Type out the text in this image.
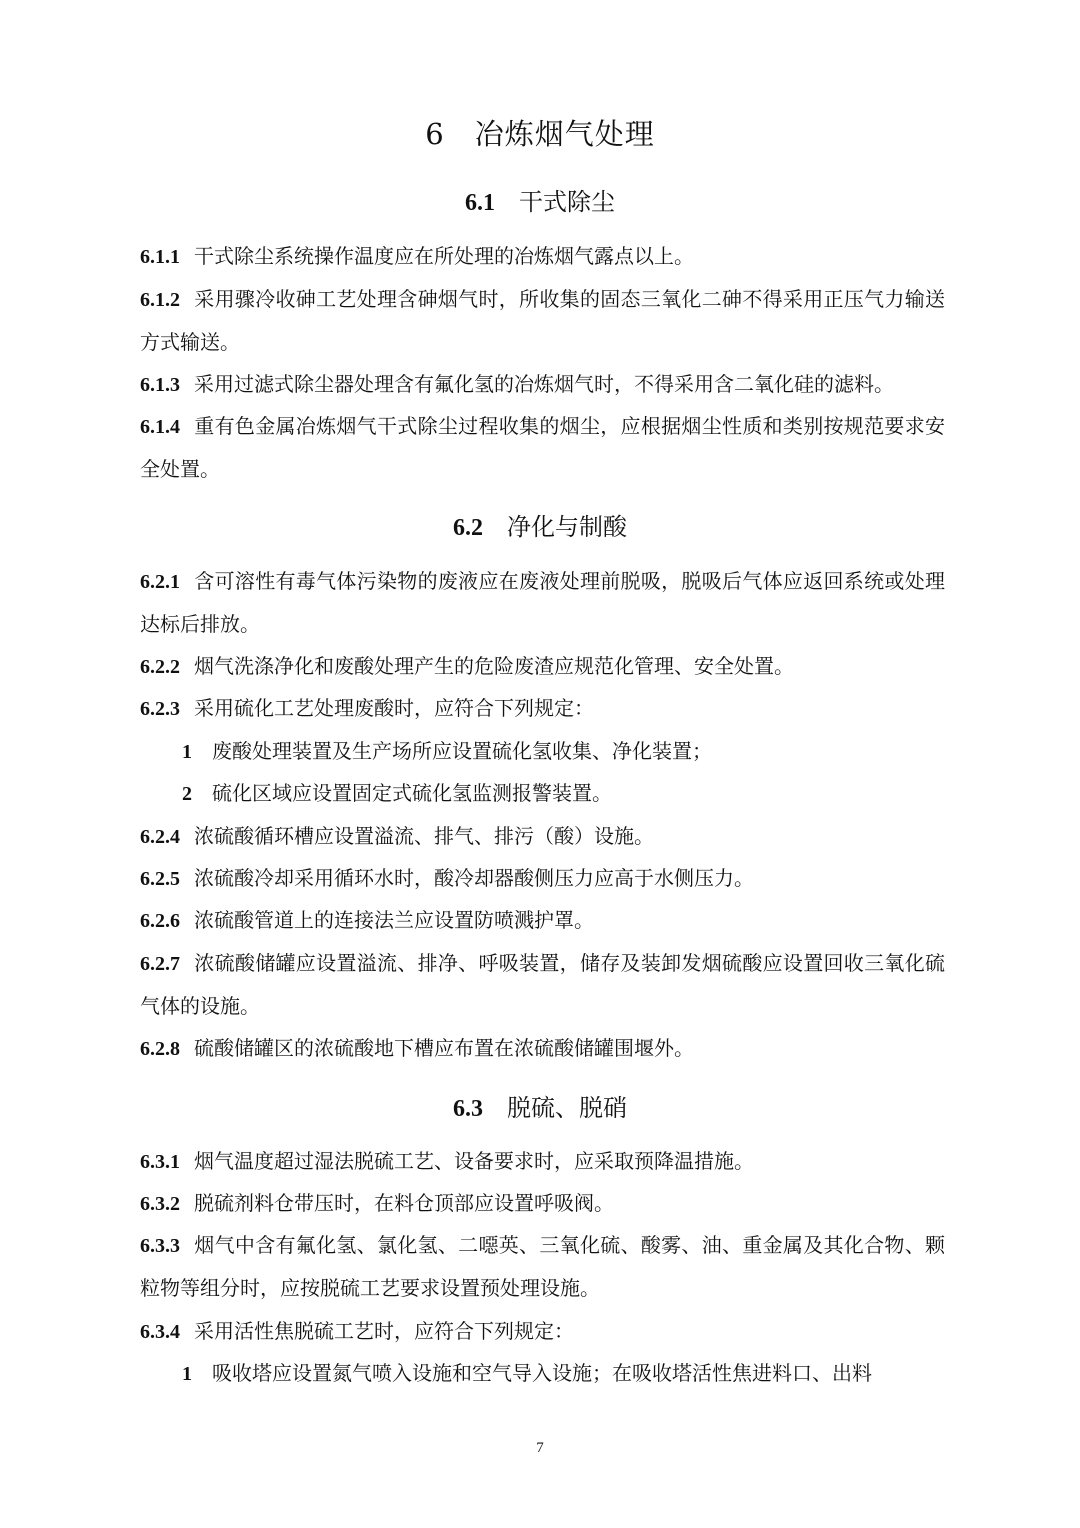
6　冶炼烟气处理
6.1　 干式除尘
6.1.1 干式除尘系统操作温度应在所处理的冶炼烟气露点以上。
6.1.2 采用骤冷收砷工艺处理含砷烟气时，所收集的固态三氧化二砷不得采用正压气力输送方式输送。
6.1.3 采用过滤式除尘器处理含有氟化氢的冶炼烟气时，不得采用含二氧化硅的滤料。
6.1.4 重有色金属冶炼烟气干式除尘过程收集的烟尘，应根据烟尘性质和类别按规范要求安全处置。
6.2　 净化与制酸
6.2.1 含可溶性有毒气体污染物的废液应在废液处理前脱吸，脱吸后气体应返回系统或处理达标后排放。
6.2.2 烟气洗涤净化和废酸处理产生的危险废渣应规范化管理、安全处置。
6.2.3 采用硫化工艺处理废酸时，应符合下列规定：
1 废酸处理装置及生产场所应设置硫化氢收集、净化装置；
2 硫化区域应设置固定式硫化氢监测报警装置。
6.2.4 浓硫酸循环槽应设置溢流、排气、排污（酸）设施。
6.2.5 浓硫酸冷却采用循环水时，酸冷却器酸侧压力应高于水侧压力。
6.2.6 浓硫酸管道上的连接法兰应设置防喷溅护罩。
6.2.7 浓硫酸储罐应设置溢流、排净、呼吸装置，储存及装卸发烟硫酸应设置回收三氧化硫气体的设施。
6.2.8 硫酸储罐区的浓硫酸地下槽应布置在浓硫酸储罐围堰外。
6.3　 脱硫、脱硝
6.3.1 烟气温度超过湿法脱硫工艺、设备要求时，应采取预降温措施。
6.3.2 脱硫剂料仓带压时，在料仓顶部应设置呼吸阀。
6.3.3 烟气中含有氟化氢、氯化氢、二噁英、三氧化硫、酸雾、油、重金属及其化合物、颗粒物等组分时，应按脱硫工艺要求设置预处理设施。
6.3.4 采用活性焦脱硫工艺时，应符合下列规定：
1 吸收塔应设置氮气喷入设施和空气导入设施；在吸收塔活性焦进料口、出料
7
